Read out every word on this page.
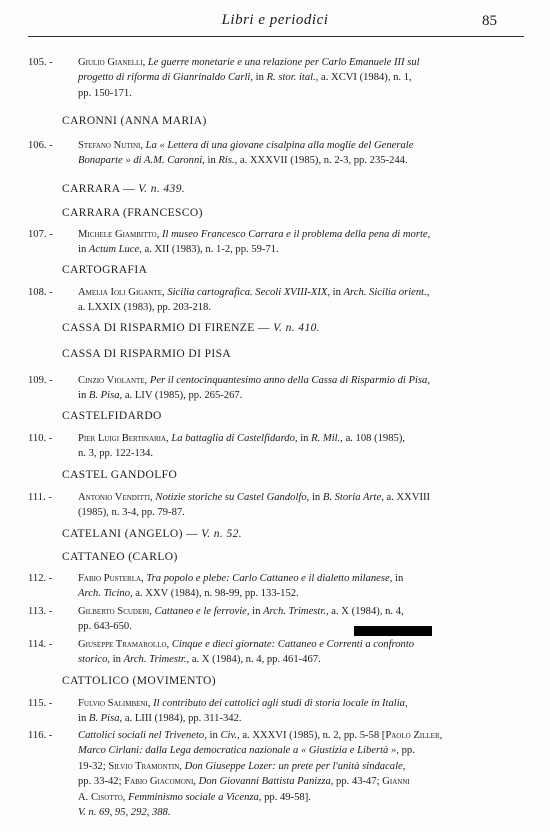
Libri e periodici	85
105. - Giulio Gianelli, Le guerre monetarie e una relazione per Carlo Emanuele III sul
progetto di riforma di Gianrinaldo Carli, in R. stor. ital., a. XCVI (1984), n. 1,
pp. 150-171.
CARONNI (ANNA MARIA)
106. - Stefano Nutini, La « Lettera di una giovane cisalpina alla moglie del Generale
Bonaparte » di A.M. Caronni, in Ris., a. XXXVII (1985), n. 2-3, pp. 235-244.
CARRARA — V. n. 439.
CARRARA (FRANCESCO)
107. - Michele Giambitto, Il museo Francesco Carrara e il problema della pena di morte,
in Actum Luce, a. XII (1983), n. 1-2, pp. 59-71.
CARTOGRAFIA
108. - Amelia Ioli Gigante, Sicilia cartografica. Secoli XVIII-XIX, in Arch. Sicilia orient.,
a. LXXIX (1983), pp. 203-218.
CASSA DI RISPARMIO DI FIRENZE — V. n. 410.
CASSA DI RISPARMIO DI PISA
109. - Cinzio Violante, Per il centocinquantesimo anno della Cassa di Risparmio di Pisa,
in B. Pisa, a. LIV (1985), pp. 265-267.
CASTELFIDARDO
110. - Pier Luigi Bertinaria, La battaglia di Castelfidardo, in R. Mil., a. 108 (1985),
n. 3, pp. 122-134.
CASTEL GANDOLFO
111. - Antonio Venditti, Notizie storiche su Castel Gandolfo, in B. Storia Arte, a. XXVIII
(1985), n. 3-4, pp. 79-87.
CATELANI (ANGELO) — V. n. 52.
CATTANEO (CARLO)
112. - Fabio Pusterla, Tra popolo e plebe: Carlo Cattaneo e il dialetto milanese, in
Arch. Ticino, a. XXV (1984), n. 98-99, pp. 133-152.
113. - Gilberto Scuderi, Cattaneo e le ferrovie, in Arch. Trimestr., a. X (1984), n. 4,
pp. 643-650.
114. - Giuseppe Tramarollo, Cinque e dieci giornate: Cattaneo e Correnti a confronto
storico, in Arch. Trimestr., a. X (1984), n. 4, pp. 461-467.
CATTOLICO (MOVIMENTO)
115. - Fulvio Salimbeni, Il contributo dei cattolici agli studi di storia locale in Italia,
in B. Pisa, a. LIII (1984), pp. 311-342.
116. - Cattolici sociali nel Triveneto, in Civ., a. XXXVI (1985), n. 2, pp. 5-58 [Paolo Ziller,
Marco Cirlani: dalla Lega democratica nazionale a « Giustizia e Libertà », pp.
19-32; Silvio Tramontin, Don Giuseppe Lozer: un prete per l'unità sindacale,
pp. 33-42; Fabio Giacomoni, Don Giovanni Battista Panizza, pp. 43-47; Gianni
A. Cisotto, Femminismo sociale a Vicenza, pp. 49-58].
V. n. 69, 95, 292, 388.
